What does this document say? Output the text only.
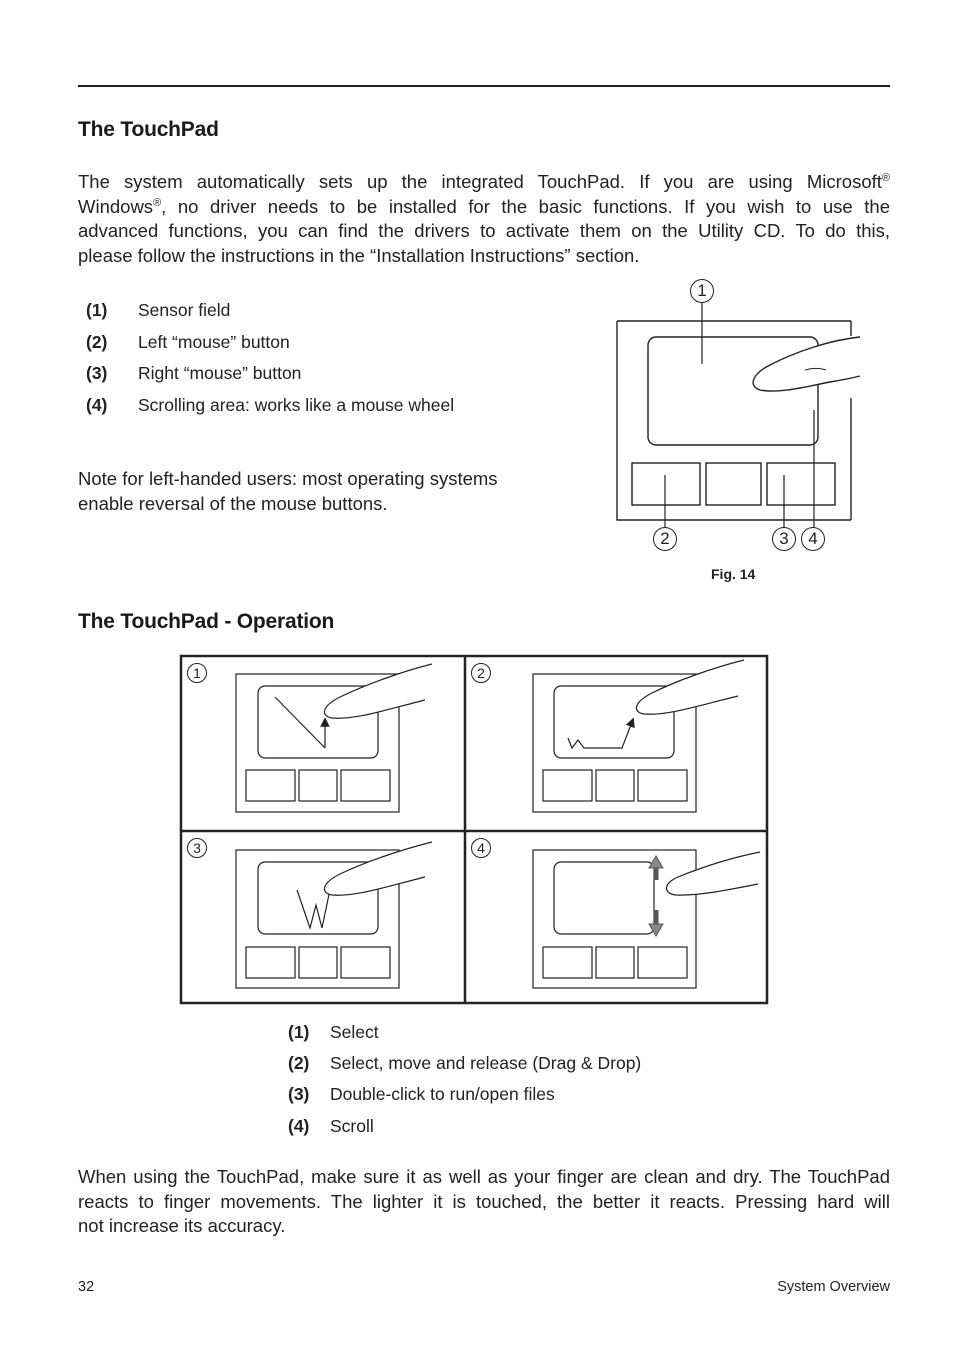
The TouchPad
The system automatically sets up the integrated TouchPad. If you are using Microsoft®
Windows®, no driver needs to be installed for the basic functions. If you wish to use the
advanced functions, you can find the drivers to activate them on the Utility CD. To do this,
please follow the instructions in the “Installation Instructions” section.
(1) Sensor field
(2) Left “mouse” button
(3) Right “mouse” button
(4) Scrolling area: works like a mouse wheel
Note for left-handed users: most operating systems enable reversal of the mouse buttons.
1
2	3	4
Fig. 14
The TouchPad - Operation
1	2
3	4
(1) Select
(2) Select, move and release (Drag & Drop)
(3) Double-click to run/open files
(4) Scroll
When using the TouchPad, make sure it as well as your finger are clean and dry. The TouchPad
reacts to finger movements. The lighter it is touched, the better it reacts. Pressing hard will
not increase its accuracy.
32	System Overview
